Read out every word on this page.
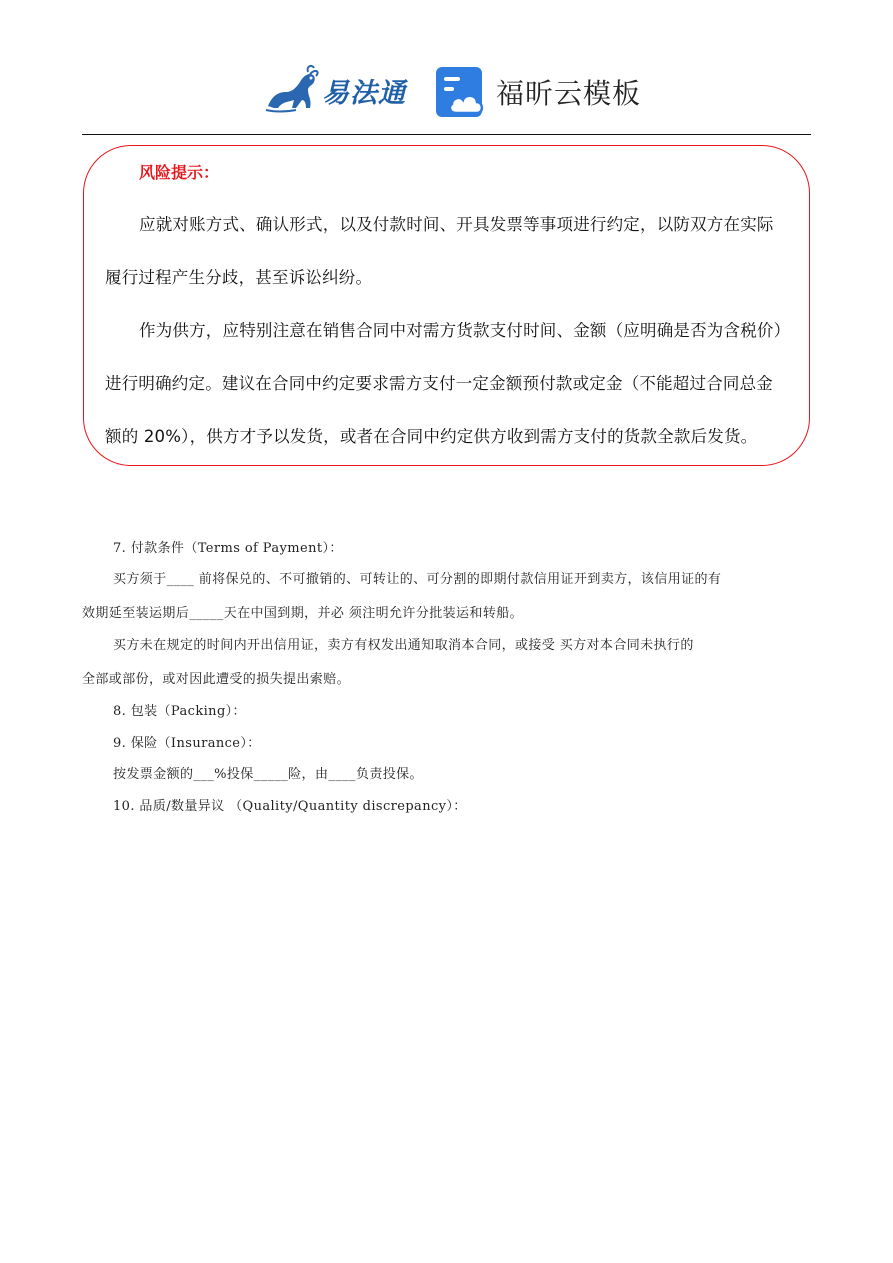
易法通	福昕云模板
风险提示：
应就对账方式、确认形式，以及付款时间、开具发票等事项进行约定，以防双方在实际
履行过程产生分歧，甚至诉讼纠纷。
作为供方，应特别注意在销售合同中对需方货款支付时间、金额（应明确是否为含税价）
进行明确约定。建议在合同中约定要求需方支付一定金额预付款或定金（不能超过合同总金
额的 20%），供方才予以发货，或者在合同中约定供方收到需方支付的货款全款后发货。
7. 付款条件（Terms of Payment）：
买方须于____ 前将保兑的、不可撤销的、可转让的、可分割的即期付款信用证开到卖方，该信用证的有
效期延至装运期后_____天在中国到期，并必 须注明允许分批装运和转船。
买方未在规定的时间内开出信用证，卖方有权发出通知取消本合同，或接受 买方对本合同未执行的
全部或部份，或对因此遭受的损失提出索赔。
8. 包装（Packing）：
9. 保险（Insurance）：
按发票金额的___%投保_____险，由____负责投保。
10. 品质/数量异议 （Quality/Quantity discrepancy）：
